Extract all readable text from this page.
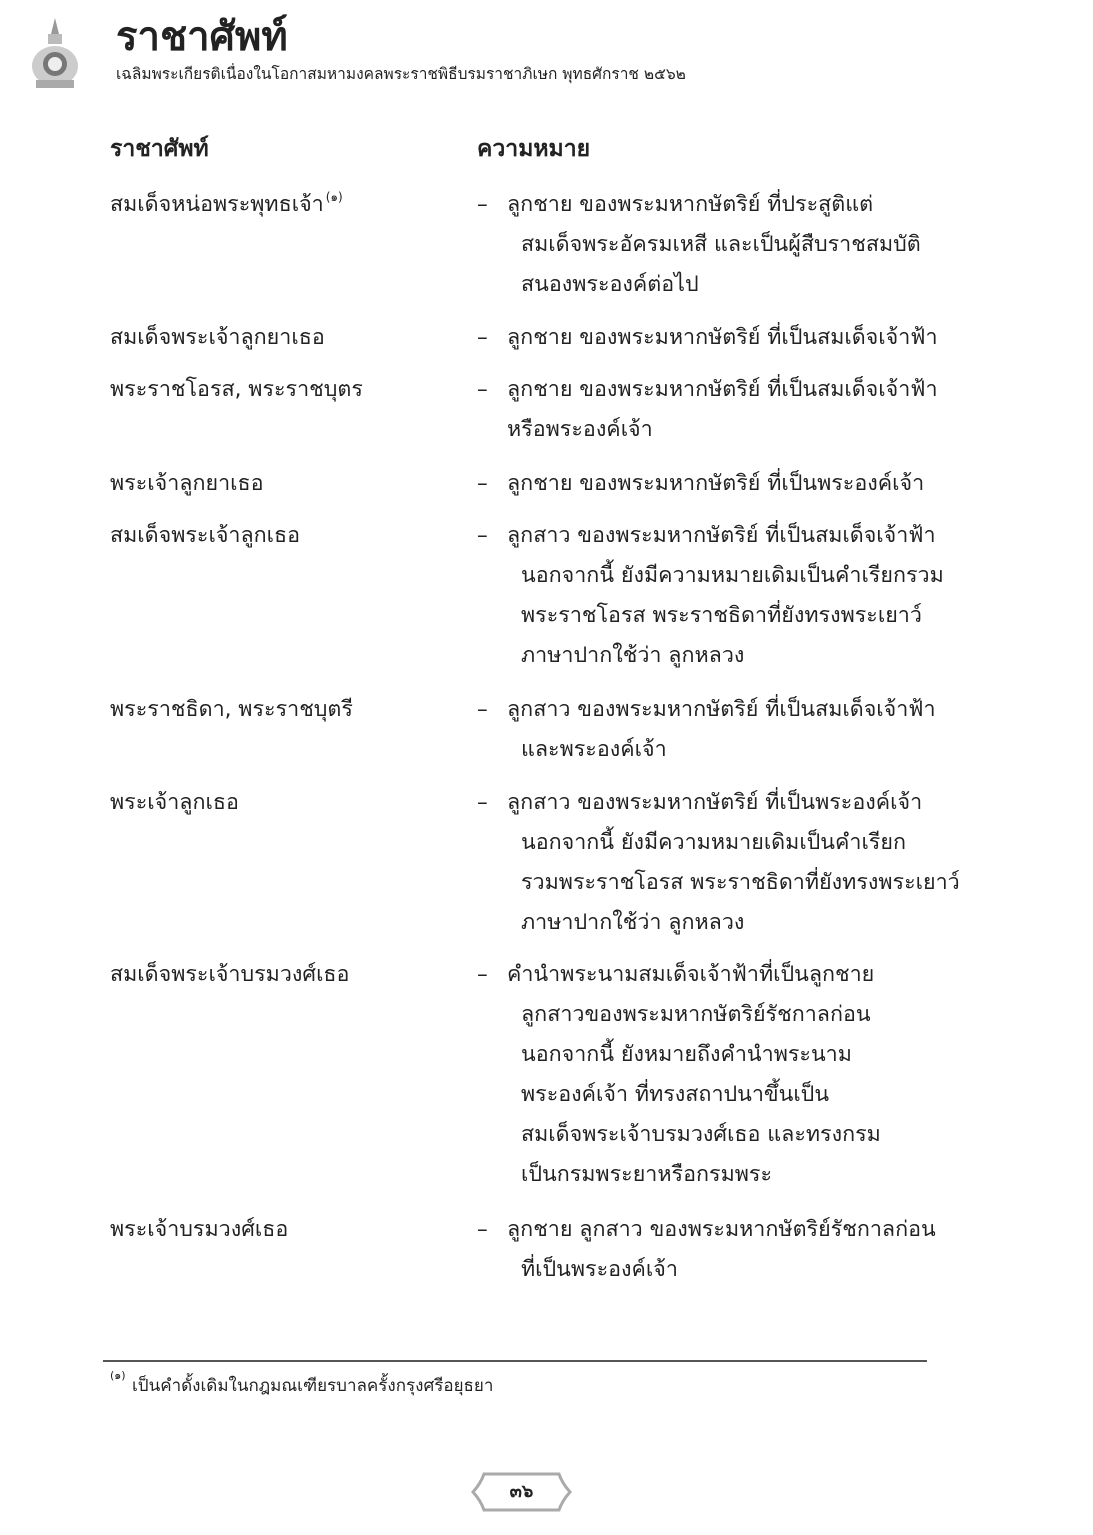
ราชาศัพท์
เฉลิมพระเกียรติเนื่องในโอกาสมหามงคลพระราชพิธีบรมราชาภิเษก พุทธศักราช ๒๕๖๒
ราชาศัพท์	ความหมาย
สมเด็จหน่อพระพุทธเจ้า $^{(๑)}$	– ลูกชาย ของพระมหากษัตริย์ ที่ประสูติแต่
สมเด็จพระอัครมเหสี และเป็นผู้สืบราชสมบัติ
สนองพระองค์ต่อไป
สมเด็จพระเจ้าลูกยาเธอ	– ลูกชาย ของพระมหากษัตริย์ ที่เป็นสมเด็จเจ้าฟ้า
พระราชโอรส, พระราชบุตร	– ลูกชาย ของพระมหากษัตริย์ ที่เป็นสมเด็จเจ้าฟ้า
หรือพระองค์เจ้า
พระเจ้าลูกยาเธอ	– ลูกชาย ของพระมหากษัตริย์ ที่เป็นพระองค์เจ้า
สมเด็จพระเจ้าลูกเธอ	– ลูกสาว ของพระมหากษัตริย์ ที่เป็นสมเด็จเจ้าฟ้า
นอกจากนี้ ยังมีความหมายเดิมเป็นคำเรียกรวม
พระราชโอรส พระราชธิดาที่ยังทรงพระเยาว์
ภาษาปากใช้ว่า ลูกหลวง
พระราชธิดา, พระราชบุตรี	– ลูกสาว ของพระมหากษัตริย์ ที่เป็นสมเด็จเจ้าฟ้า
และพระองค์เจ้า
พระเจ้าลูกเธอ	– ลูกสาว ของพระมหากษัตริย์ ที่เป็นพระองค์เจ้า
นอกจากนี้ ยังมีความหมายเดิมเป็นคำเรียก
รวมพระราชโอรส พระราชธิดาที่ยังทรงพระเยาว์
ภาษาปากใช้ว่า ลูกหลวง
สมเด็จพระเจ้าบรมวงศ์เธอ	– คำนำพระนามสมเด็จเจ้าฟ้าที่เป็นลูกชาย
ลูกสาวของพระมหากษัตริย์รัชกาลก่อน
นอกจากนี้ ยังหมายถึงคำนำพระนาม
พระองค์เจ้า ที่ทรงสถาปนาขึ้นเป็น
สมเด็จพระเจ้าบรมวงศ์เธอ และทรงกรม
เป็นกรมพระยาหรือกรมพระ
พระเจ้าบรมวงศ์เธอ	– ลูกชาย ลูกสาว ของพระมหากษัตริย์รัชกาลก่อน
ที่เป็นพระองค์เจ้า
(๑)
เป็นคำดั้งเดิมในกฎมณเฑียรบาลครั้งกรุงศรีอยุธยา
๓๖
